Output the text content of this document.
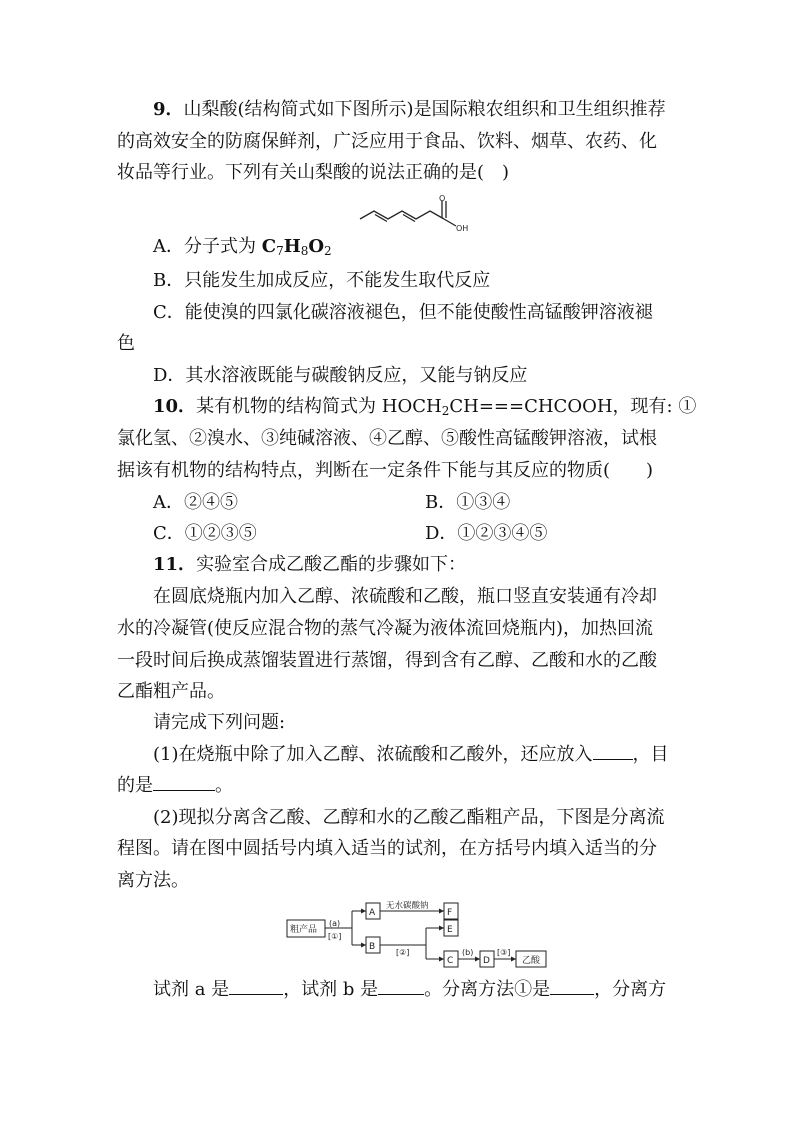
9．山梨酸(结构简式如下图所示)是国际粮农组织和卫生组织推荐
的高效安全的防腐保鲜剂，广泛应用于食品、饮料、烟草、农药、化
妆品等行业。下列有关山梨酸的说法正确的是(　)
O
OH
A．分子式为 $C_7H_8O_2$
B．只能发生加成反应，不能发生取代反应
C．能使溴的四氯化碳溶液褪色，但不能使酸性高锰酸钾溶液褪
色
D．其水溶液既能与碳酸钠反应，又能与钠反应
10．某有机物的结构简式为 $HOCH_2CH===CHCOOH$，现有: ①
氯化氢、②溴水、③纯碱溶液、④乙醇、⑤酸性高锰酸钾溶液，试根
据该有机物的结构特点，判断在一定条件下能与其反应的物质(　　)
A．②④⑤	B．①③④
C．①②③⑤	D．①②③④⑤
11．实验室合成乙酸乙酯的步骤如下：
在圆底烧瓶内加入乙醇、浓硫酸和乙酸，瓶口竖直安装通有冷却
水的冷凝管(使反应混合物的蒸气冷凝为液体流回烧瓶内)，加热回流
一段时间后换成蒸馏装置进行蒸馏，得到含有乙醇、乙酸和水的乙酸
乙酯粗产品。
请完成下列问题:
(1)在烧瓶中除了加入乙醇、浓硫酸和乙酸外，还应放入 ，目
的是	。
(2)现拟分离含乙酸、乙醇和水的乙酸乙酯粗产品，下图是分离流
程图。请在图中圆括号内填入适当的试剂，在方括号内填入适当的分
离方法。
粗产品
(a)
[①]
A
无水碳酸钠
F
B
[②]
E
C
(b)
D
[③]
乙酸
试剂 a 是	，试剂 b 是	。分离方法①是 ，分离方
